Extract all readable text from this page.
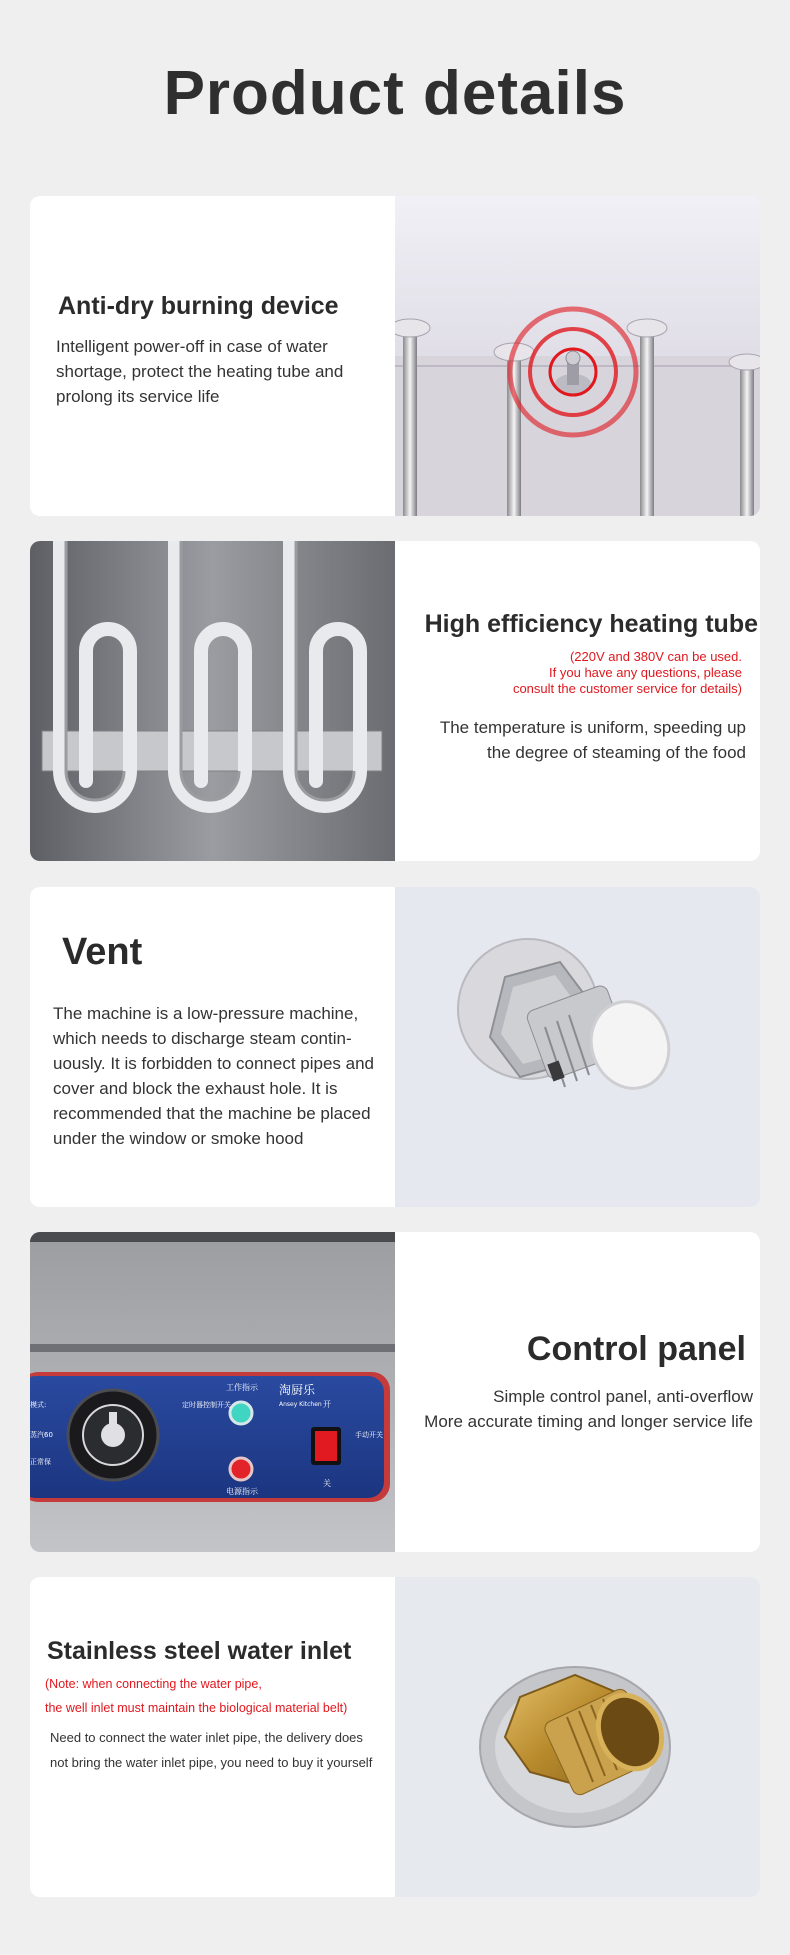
Product details
Anti-dry burning device

Intelligent power-off in case of water shortage, protect the heating tube and prolong its service life

High efficiency heating tube

(220V and 380V can be used.

If you have any questions, please

consult the customer service for details)

The temperature is uniform, speeding up

the degree of steaming of the food

Vent

The machine is a low-pressure machine, which needs to discharge steam contin-uously. It is forbidden to connect pipes and cover and block the exhaust hole. It is recommended that the machine be placed under the window or smoke hood

淘厨乐
Ansey Kitchen
工作指示
电源指示
开
关
手动开关
模式:
蒸汽60
正常保
定时器控制开关
Control panel

Simple control panel, anti-overflow

More accurate timing and longer service life

Stainless steel water inlet

(Note: when connecting the water pipe,

the well inlet must maintain the biological material belt)

Need to connect the water inlet pipe, the delivery does not bring the water inlet pipe, you need to buy it yourself
